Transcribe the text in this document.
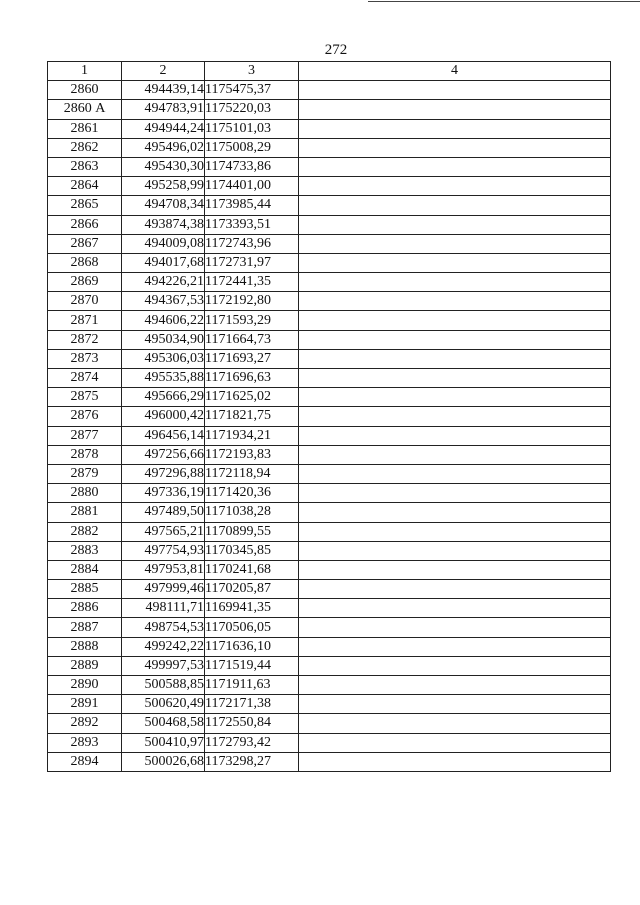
272
1	2	3	4
2860	494439,14	1175475,37	
2860 А	494783,91	1175220,03	
2861	494944,24	1175101,03	
2862	495496,02	1175008,29	
2863	495430,30	1174733,86	
2864	495258,99	1174401,00	
2865	494708,34	1173985,44	
2866	493874,38	1173393,51	
2867	494009,08	1172743,96	
2868	494017,68	1172731,97	
2869	494226,21	1172441,35	
2870	494367,53	1172192,80	
2871	494606,22	1171593,29	
2872	495034,90	1171664,73	
2873	495306,03	1171693,27	
2874	495535,88	1171696,63	
2875	495666,29	1171625,02	
2876	496000,42	1171821,75	
2877	496456,14	1171934,21	
2878	497256,66	1172193,83	
2879	497296,88	1172118,94	
2880	497336,19	1171420,36	
2881	497489,50	1171038,28	
2882	497565,21	1170899,55	
2883	497754,93	1170345,85	
2884	497953,81	1170241,68	
2885	497999,46	1170205,87	
2886	498111,71	1169941,35	
2887	498754,53	1170506,05	
2888	499242,22	1171636,10	
2889	499997,53	1171519,44	
2890	500588,85	1171911,63	
2891	500620,49	1172171,38	
2892	500468,58	1172550,84	
2893	500410,97	1172793,42	
2894	500026,68	1173298,27	
